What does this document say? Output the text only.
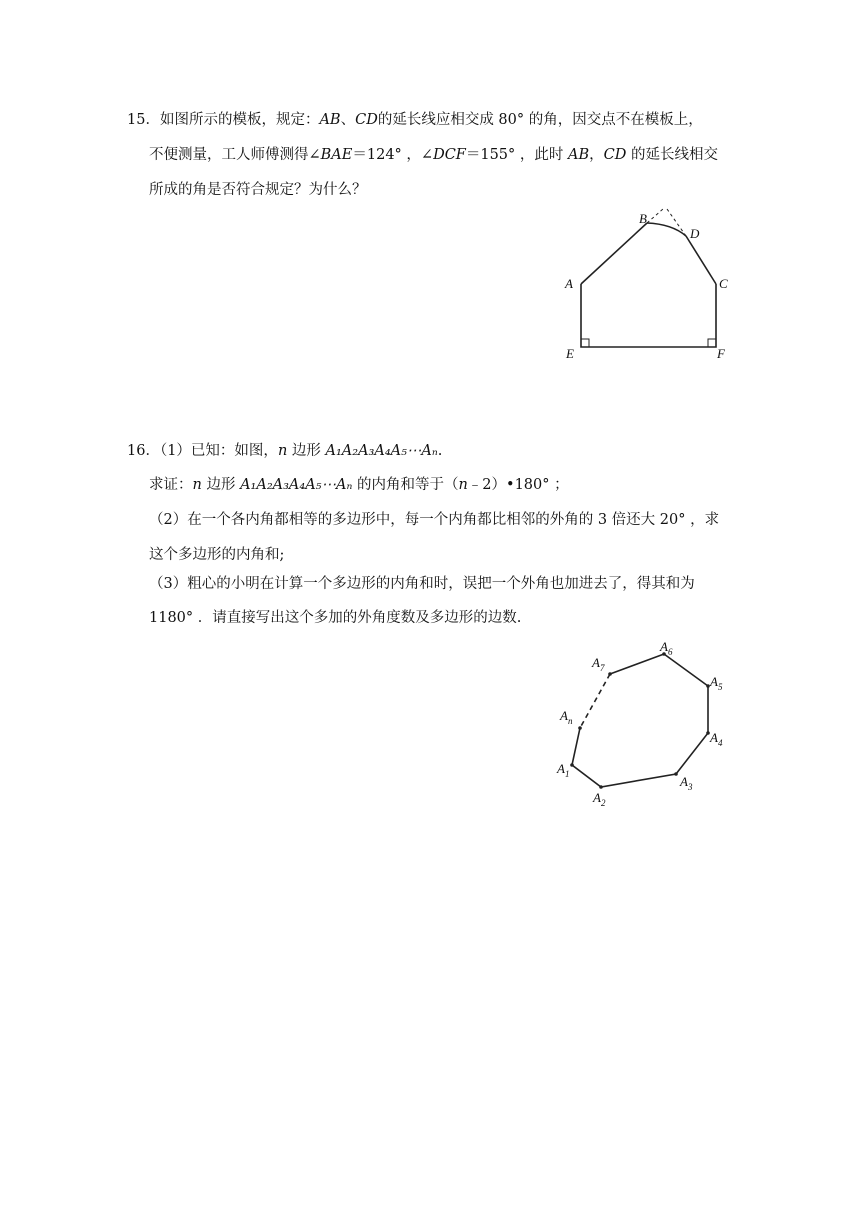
15．如图所示的模板，规定：AB、CD的延长线应相交成 80° 的角，因交点不在模板上，
不便测量，工人师傅测得∠BAE＝124° ，∠DCF＝155° ，此时 AB，CD 的延长线相交
所成的角是否符合规定？为什么？
B
D
A	C
E	F
16．（1）已知：如图，n 边形 A₁A₂A₃A₄A₅⋯Aₙ.
求证：n 边形 A₁A₂A₃A₄A₅⋯Aₙ 的内角和等于（n﹣2）•180° ；
（2）在一个各内角都相等的多边形中，每一个内角都比相邻的外角的 3 倍还大 20° ，求
这个多边形的内角和;
（3）粗心的小明在计算一个多边形的内角和时，误把一个外角也加进去了，得其和为
1180° ．请直接写出这个多加的外角度数及多边形的边数.
$A_1$
$A_2$
$A_3$
$A_4$
$A_5$
$A_6$
$A_7$
$A_n$
